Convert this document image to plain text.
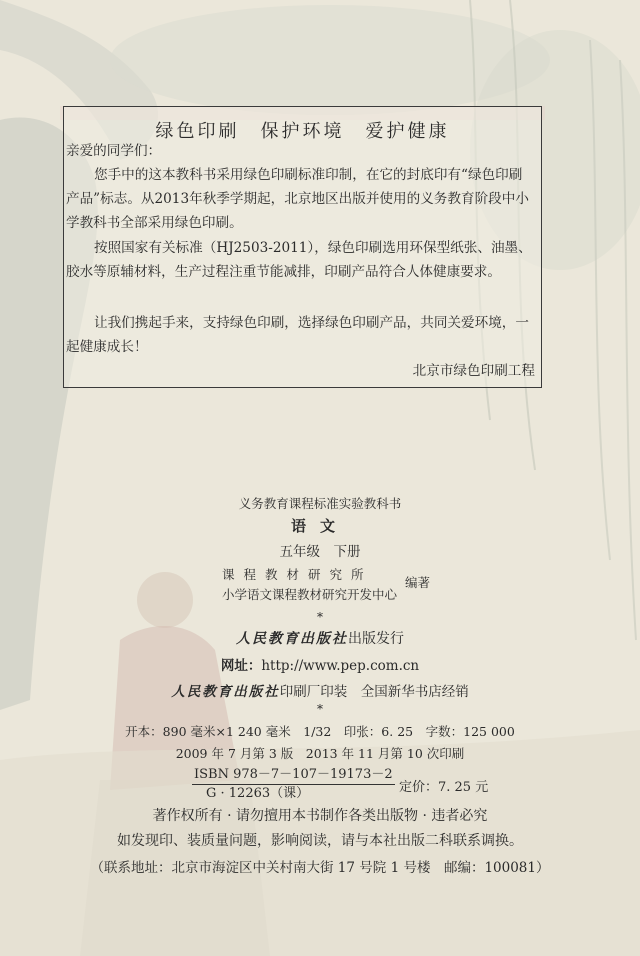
绿色印刷　保护环境　爱护健康

亲爱的同学们：

您手中的这本教科书采用绿色印刷标准印制，在它的封底印有“绿色印刷产品”标志。从2013年秋季学期起，北京地区出版并使用的义务教育阶段中小学教科书全部采用绿色印刷。

按照国家有关标准（HJ2503-2011），绿色印刷选用环保型纸张、油墨、胶水等原辅材料，生产过程注重节能减排，印刷产品符合人体健康要求。

让我们携起手来，支持绿色印刷，选择绿色印刷产品，共同关爱环境，一起健康成长！

北京市绿色印刷工程

义务教育课程标准实验教科书
语文
五年级　下册
课程教材研究所
小学语文课程教材研究开发中心
编著
*
人民教育出版社出版发行
网址：http://www.pep.com.cn
人民教育出版社印刷厂印装　全国新华书店经销
*
开本：890 毫米×1 240 毫米　1/32　印张：6. 25　字数：125 000
2009 年 7 月第 3 版　2013 年 11 月第 10 次印刷
ISBN 978－7－107－19173－2
G · 12263（课）	定价：7. 25 元
著作权所有 · 请勿擅用本书制作各类出版物 · 违者必究
如发现印、装质量问题，影响阅读，请与本社出版二科联系调换。
（联系地址：北京市海淀区中关村南大街 17 号院 1 号楼　邮编：100081）
